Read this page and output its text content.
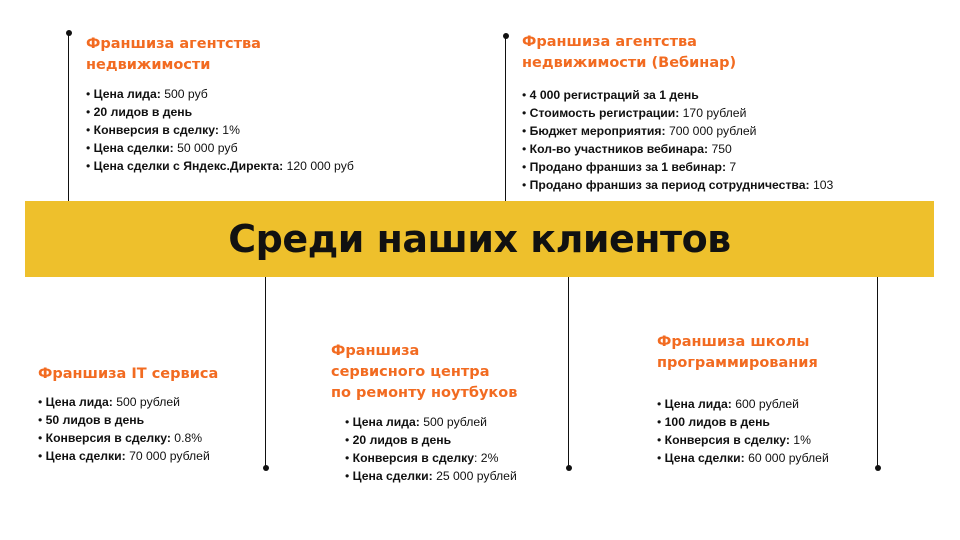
Среди наших клиентов

Франшиза агентства
недвижимости

• Цена лида: 500 руб
• 20 лидов в день
• Конверсия в сделку: 1%
• Цена сделки: 50 000 руб
• Цена сделки с Яндекс.Директа: 120 000 руб

Франшиза агентства
недвижимости (Вебинар)

• 4 000 регистраций за 1 день
• Стоимость регистрации: 170 рублей
• Бюджет мероприятия: 700 000 рублей
• Кол-во участников вебинара: 750
• Продано франшиз за 1 вебинар: 7
• Продано франшиз за период сотрудничества: 103

Франшиза IT сервиса

• Цена лида: 500 рублей
• 50 лидов в день
• Конверсия в сделку: 0.8%
• Цена сделки: 70 000 рублей

Франшиза
сервисного центра
по ремонту ноутбуков

• Цена лида: 500 рублей
• 20 лидов в день
• Конверсия в сделку: 2%
• Цена сделки: 25 000 рублей

Франшиза школы
программирования

• Цена лида: 600 рублей
• 100 лидов в день
• Конверсия в сделку: 1%
• Цена сделки: 60 000 рублей
